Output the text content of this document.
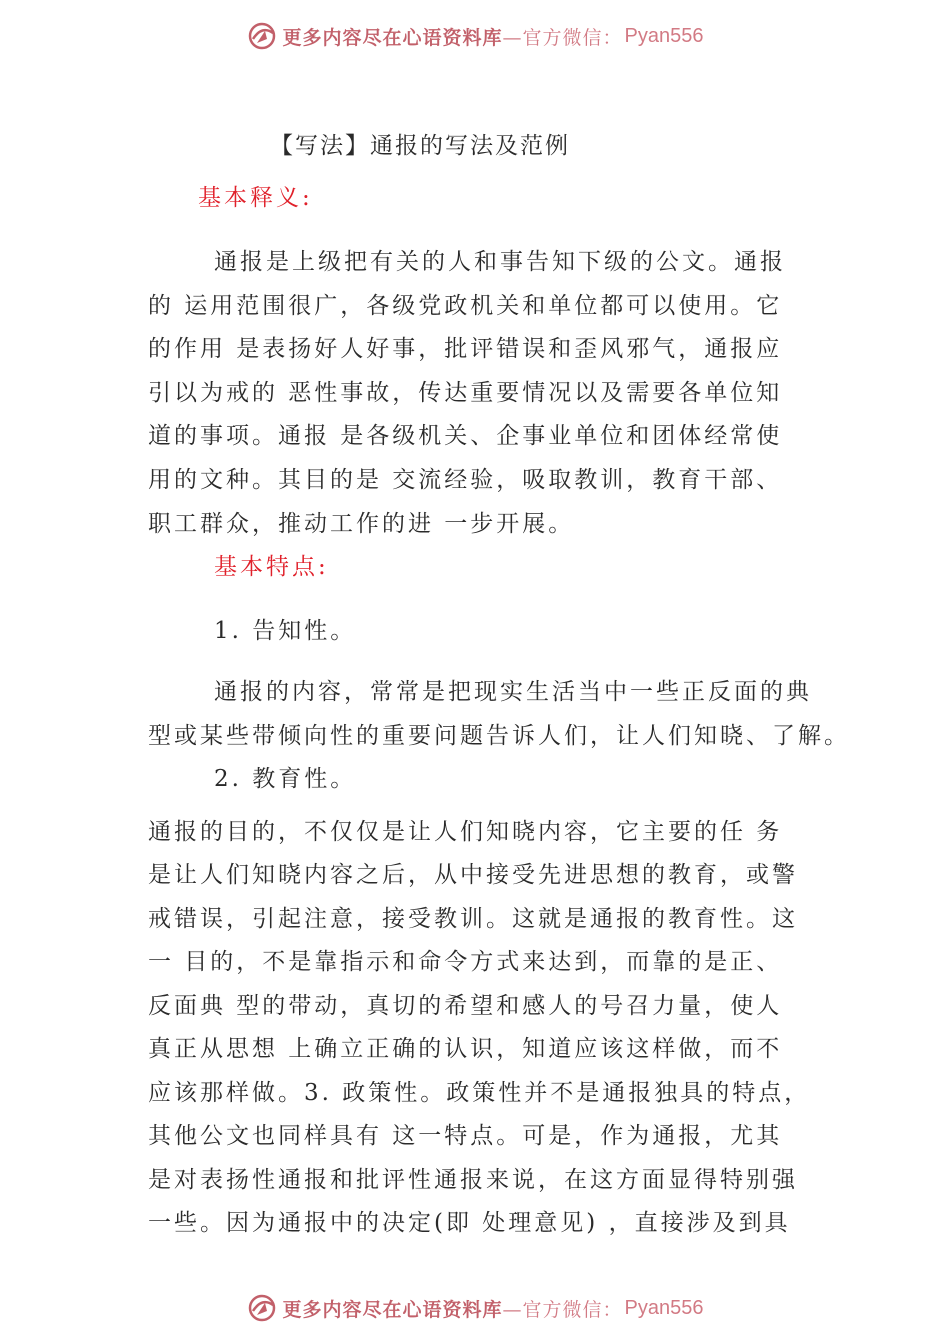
更多内容尽在心语资料库 —官方微信： Pyan556
【写法】通报的写法及范例
基本释义:
通报是上级把有关的人和事告知下级的公文。通报
的 运用范围很广，各级党政机关和单位都可以使用。它
的作用 是表扬好人好事，批评错误和歪风邪气，通报应
引以为戒的 恶性事故，传达重要情况以及需要各单位知
道的事项。通报 是各级机关、企事业单位和团体经常使
用的文种。其目的是 交流经验，吸取教训，教育干部、
职工群众，推动工作的进 一步开展。
基本特点:
1. 告知性。
通报的内容，常常是把现实生活当中一些正反面的典
型或某些带倾向性的重要问题告诉人们，让人们知晓、了解。
2. 教育性。
通报的目的，不仅仅是让人们知晓内容，它主要的任 务
是让人们知晓内容之后，从中接受先进思想的教育，或警
戒错误，引起注意，接受教训。这就是通报的教育性。这
一 目的，不是靠指示和命令方式来达到，而靠的是正、
反面典 型的带动，真切的希望和感人的号召力量，使人
真正从思想 上确立正确的认识，知道应该这样做，而不
应该那样做。3. 政策性。政策性并不是通报独具的特点，
其他公文也同样具有 这一特点。可是，作为通报，尤其
是对表扬性通报和批评性通报来说，在这方面显得特别强
一些。因为通报中的决定(即 处理意见) ，直接涉及到具
更多内容尽在心语资料库 —官方微信： Pyan556
